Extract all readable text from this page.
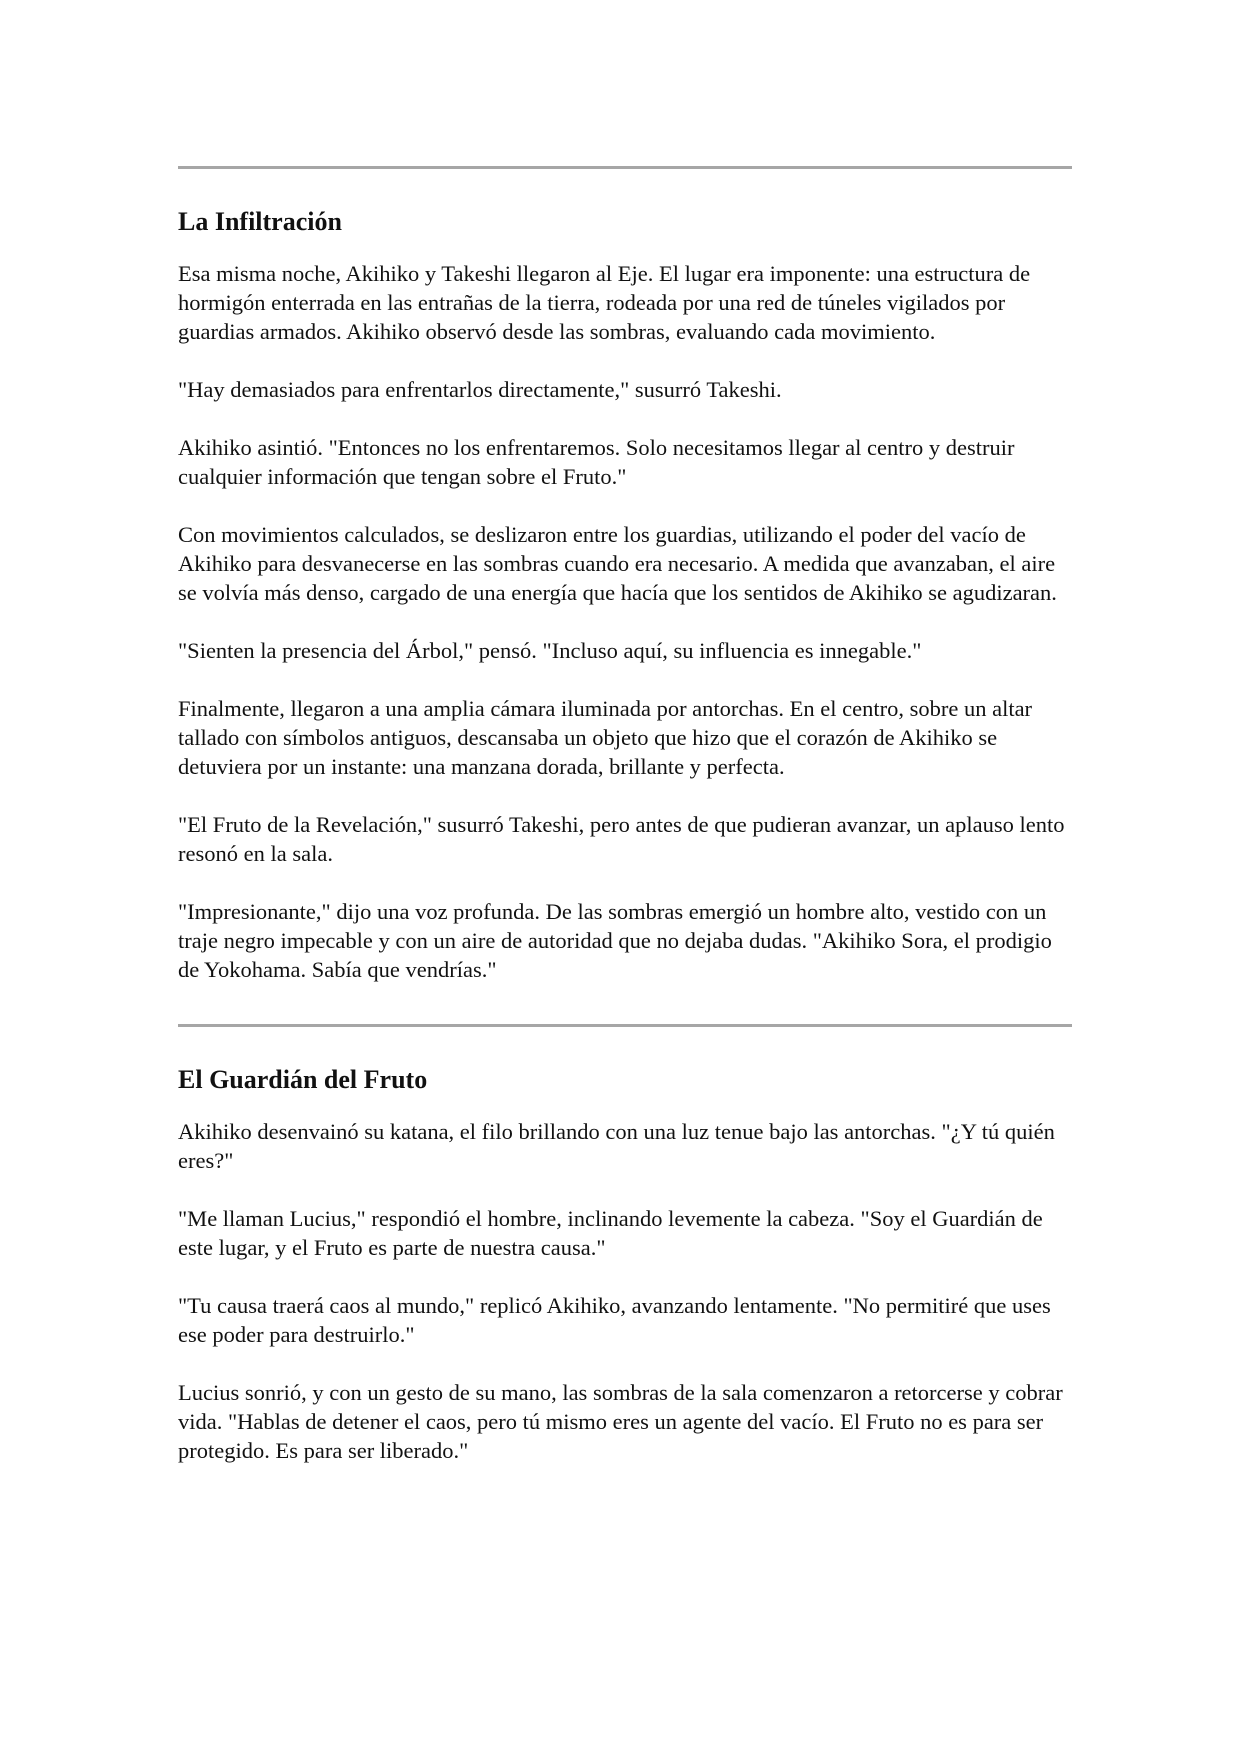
La Infiltración

Esa misma noche, Akihiko y Takeshi llegaron al Eje. El lugar era imponente: una estructura de hormigón enterrada en las entrañas de la tierra, rodeada por una red de túneles vigilados por guardias armados. Akihiko observó desde las sombras, evaluando cada movimiento.

"Hay demasiados para enfrentarlos directamente," susurró Takeshi.

Akihiko asintió. "Entonces no los enfrentaremos. Solo necesitamos llegar al centro y destruir cualquier información que tengan sobre el Fruto."

Con movimientos calculados, se deslizaron entre los guardias, utilizando el poder del vacío de Akihiko para desvanecerse en las sombras cuando era necesario. A medida que avanzaban, el aire se volvía más denso, cargado de una energía que hacía que los sentidos de Akihiko se agudizaran.

"Sienten la presencia del Árbol," pensó. "Incluso aquí, su influencia es innegable."

Finalmente, llegaron a una amplia cámara iluminada por antorchas. En el centro, sobre un altar tallado con símbolos antiguos, descansaba un objeto que hizo que el corazón de Akihiko se detuviera por un instante: una manzana dorada, brillante y perfecta.

"El Fruto de la Revelación," susurró Takeshi, pero antes de que pudieran avanzar, un aplauso lento resonó en la sala.

"Impresionante," dijo una voz profunda. De las sombras emergió un hombre alto, vestido con un traje negro impecable y con un aire de autoridad que no dejaba dudas. "Akihiko Sora, el prodigio de Yokohama. Sabía que vendrías."

El Guardián del Fruto

Akihiko desenvainó su katana, el filo brillando con una luz tenue bajo las antorchas. "¿Y tú quién eres?"

"Me llaman Lucius," respondió el hombre, inclinando levemente la cabeza. "Soy el Guardián de este lugar, y el Fruto es parte de nuestra causa."

"Tu causa traerá caos al mundo," replicó Akihiko, avanzando lentamente. "No permitiré que uses ese poder para destruirlo."

Lucius sonrió, y con un gesto de su mano, las sombras de la sala comenzaron a retorcerse y cobrar vida. "Hablas de detener el caos, pero tú mismo eres un agente del vacío. El Fruto no es para ser protegido. Es para ser liberado."
